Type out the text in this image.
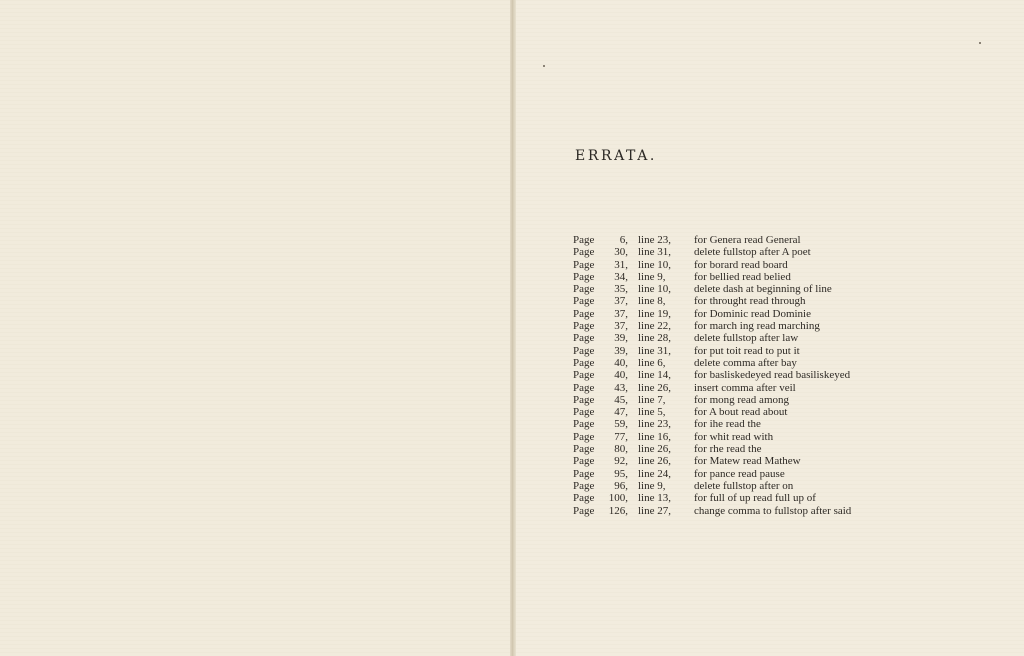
ERRATA.
Page	6,	line 23,	for Genera read General
Page	30,	line 31,	delete fullstop after A poet
Page	31,	line 10,	for borard read board
Page	34,	line 9,	for bellied read belied
Page	35,	line 10,	delete dash at beginning of line
Page	37,	line 8,	for throught read through
Page	37,	line 19,	for Dominic read Dominie
Page	37,	line 22,	for march ing read marching
Page	39,	line 28,	delete fullstop after law
Page	39,	line 31,	for put toit read to put it
Page	40,	line 6,	delete comma after bay
Page	40,	line 14,	for basliskedeyed read basiliskeyed
Page	43,	line 26,	insert comma after veil
Page	45,	line 7,	for mong read among
Page	47,	line 5,	for A bout read about
Page	59,	line 23,	for ihe read the
Page	77,	line 16,	for whit read with
Page	80,	line 26,	for rhe read the
Page	92,	line 26,	for Matew read Mathew
Page	95,	line 24,	for pance read pause
Page	96,	line 9,	delete fullstop after on
Page	100,	line 13,	for full of up read full up of
Page	126,	line 27,	change comma to fullstop after said
